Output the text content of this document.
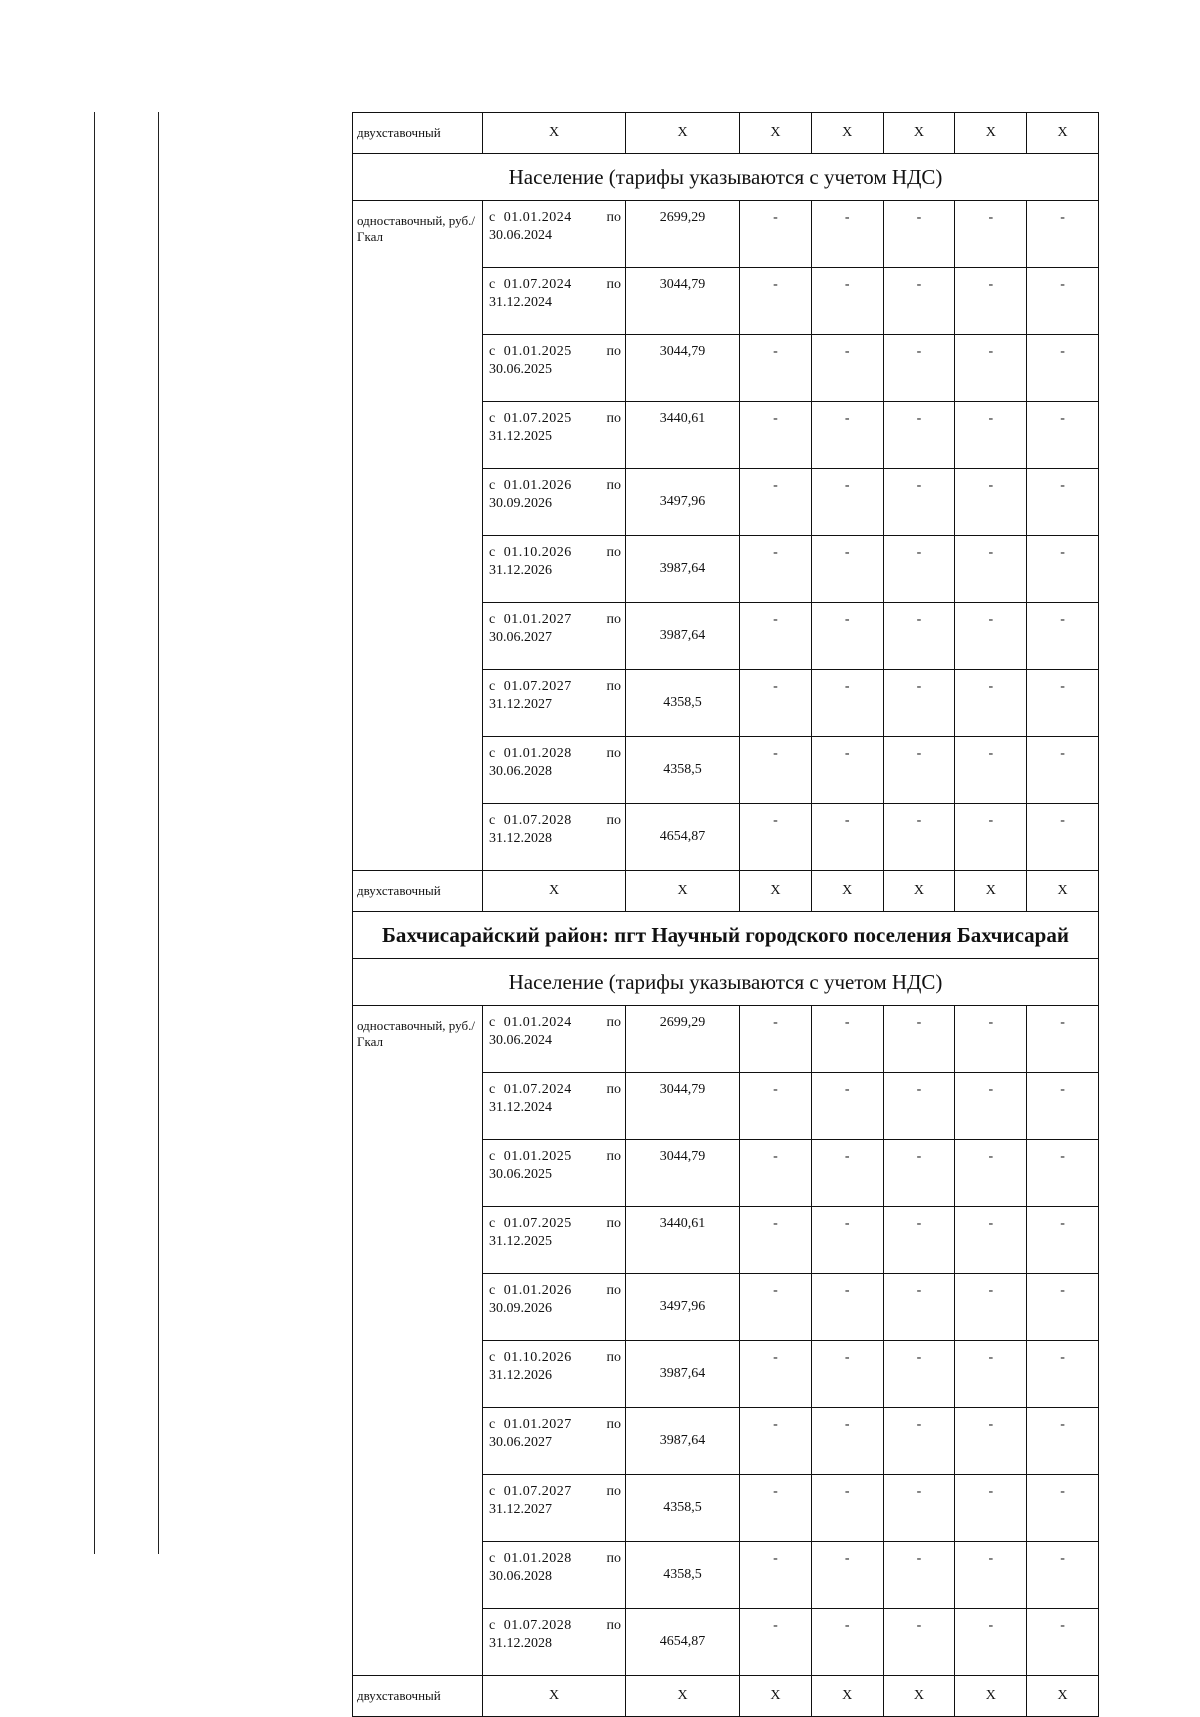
двухставочный	Х	Х	Х	Х	Х	Х	Х
Население (тарифы указываются с учетом НДС)							
одноставочный, руб./Гкал	с 01.01.2024 по
30.06.2024	2699,29	-	-	-	-	-

	с 01.07.2024 по
31.12.2024	3044,79	-	-	-	-	-

	с 01.01.2025 по
30.06.2025	3044,79	-	-	-	-	-

	с 01.07.2025 по
31.12.2025	3440,61	-	-	-	-	-

	с 01.01.2026 по
30.09.2026	3497,96	-	-	-	-	-

	с 01.10.2026 по
31.12.2026	3987,64	-	-	-	-	-

	с 01.01.2027 по
30.06.2027	3987,64	-	-	-	-	-

	с 01.07.2027 по
31.12.2027	4358,5	-	-	-	-	-

	с 01.01.2028 по
30.06.2028	4358,5	-	-	-	-	-

	с 01.07.2028 по
31.12.2028	4654,87	-	-	-	-	-
двухставочный	Х	Х	Х	Х	Х	Х	Х
Бахчисарайский район: пгт Научный городского поселения Бахчисарай							
Население (тарифы указываются с учетом НДС)							
одноставочный, руб./Гкал	с 01.01.2024 по
30.06.2024	2699,29	-	-	-	-	-

	с 01.07.2024 по
31.12.2024	3044,79	-	-	-	-	-

	с 01.01.2025 по
30.06.2025	3044,79	-	-	-	-	-

	с 01.07.2025 по
31.12.2025	3440,61	-	-	-	-	-

	с 01.01.2026 по
30.09.2026	3497,96	-	-	-	-	-

	с 01.10.2026 по
31.12.2026	3987,64	-	-	-	-	-

	с 01.01.2027 по
30.06.2027	3987,64	-	-	-	-	-

	с 01.07.2027 по
31.12.2027	4358,5	-	-	-	-	-

	с 01.01.2028 по
30.06.2028	4358,5	-	-	-	-	-

	с 01.07.2028 по
31.12.2028	4654,87	-	-	-	-	-
двухставочный	Х	Х	Х	Х	Х	Х	Х
